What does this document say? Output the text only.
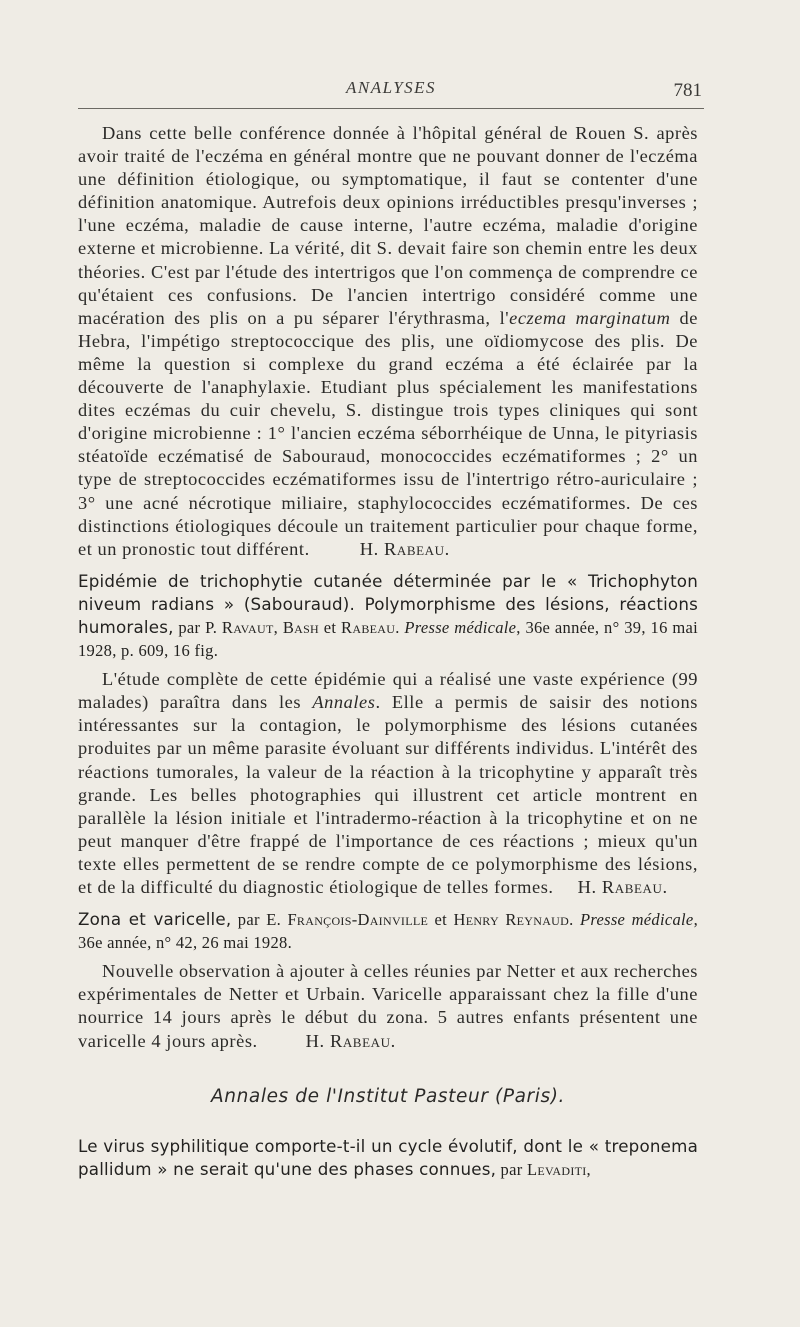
ANALYSES	781

Dans cette belle conférence donnée à l'hôpital général de Rouen S. après avoir traité de l'eczéma en général montre que ne pouvant donner de l'eczéma une définition étiologique, ou symptomatique, il faut se contenter d'une définition anatomique. Autrefois deux opinions irréductibles presqu'inverses ; l'une eczéma, maladie de cause interne, l'autre eczéma, maladie d'origine externe et microbienne. La vérité, dit S. devait faire son chemin entre les deux théories. C'est par l'étude des intertrigos que l'on commença de comprendre ce qu'étaient ces confusions. De l'ancien intertrigo considéré comme une macération des plis on a pu séparer l'érythrasma, l'eczema marginatum de Hebra, l'impétigo streptococcique des plis, une oïdiomycose des plis. De même la question si complexe du grand eczéma a été éclairée par la découverte de l'anaphylaxie. Etudiant plus spécialement les manifestations dites eczémas du cuir chevelu, S. distingue trois types cliniques qui sont d'origine microbienne : 1° l'ancien eczéma séborrhéique de Unna, le pityriasis stéatoïde eczématisé de Sabouraud, monococcides eczématiformes ; 2° un type de streptococcides eczématiformes issu de l'intertrigo rétro-auriculaire ; 3° une acné nécrotique miliaire, staphylococcides eczématiformes. De ces distinctions étiologiques découle un traitement particulier pour chaque forme, et un pronostic tout différent.	H. Rabeau.

Epidémie de trichophytie cutanée déterminée par le « Trichophyton niveum radians » (Sabouraud). Polymorphisme des lésions, réactions humorales, par P. Ravaut, Bash et Rabeau. Presse médicale, 36e année, n° 39, 16 mai 1928, p. 609, 16 fig.

L'étude complète de cette épidémie qui a réalisé une vaste expérience (99 malades) paraîtra dans les Annales. Elle a permis de saisir des notions intéressantes sur la contagion, le polymorphisme des lésions cutanées produites par un même parasite évoluant sur différents individus. L'intérêt des réactions tumorales, la valeur de la réaction à la tricophytine y apparaît très grande. Les belles photographies qui illustrent cet article montrent en parallèle la lésion initiale et l'intradermo-réaction à la tricophytine et on ne peut manquer d'être frappé de l'importance de ces réactions ; mieux qu'un texte elles permettent de se rendre compte de ce polymorphisme des lésions, et de la difficulté du diagnostic étiologique de telles formes. H. Rabeau.

Zona et varicelle, par E. François-Dainville et Henry Reynaud. Presse médicale, 36e année, n° 42, 26 mai 1928.

Nouvelle observation à ajouter à celles réunies par Netter et aux recherches expérimentales de Netter et Urbain. Varicelle apparaissant chez la fille d'une nourrice 14 jours après le début du zona. 5 autres enfants présentent une varicelle 4 jours après.	H. Rabeau.

Annales de l'Institut Pasteur (Paris).

Le virus syphilitique comporte-t-il un cycle évolutif, dont le « treponema pallidum » ne serait qu'une des phases connues, par Levaditi,
